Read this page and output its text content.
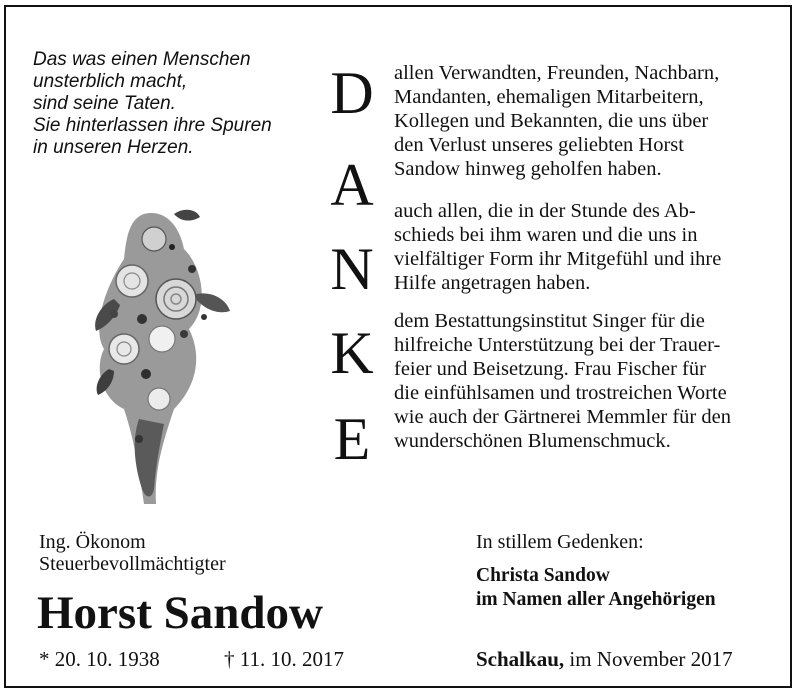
Das was einen Menschen
unsterblich macht,
sind seine Taten.
Sie hinterlassen ihre Spuren
in unseren Herzen.
D
A
N
K
E
allen Verwandten, Freunden, Nachbarn,
Mandanten, ehemaligen Mitarbeitern,
Kollegen und Bekannten, die uns über
den Verlust unseres geliebten Horst
Sandow hinweg geholfen haben.
auch allen, die in der Stunde des Ab-
schieds bei ihm waren und die uns in
vielfältiger Form ihr Mitgefühl und ihre
Hilfe angetragen haben.
dem Bestattungsinstitut Singer für die
hilfreiche Unterstützung bei der Trauer-
feier und Beisetzung. Frau Fischer für
die einfühlsamen und trostreichen Worte
wie auch der Gärtnerei Memmler für den
wunderschönen Blumenschmuck.
Ing. Ökonom
Steuerbevollmächtigter
Horst Sandow
* 20. 10. 1938	† 11. 10. 2017
In stillem Gedenken:
Christa Sandow
im Namen aller Angehörigen
Schalkau, im November 2017
